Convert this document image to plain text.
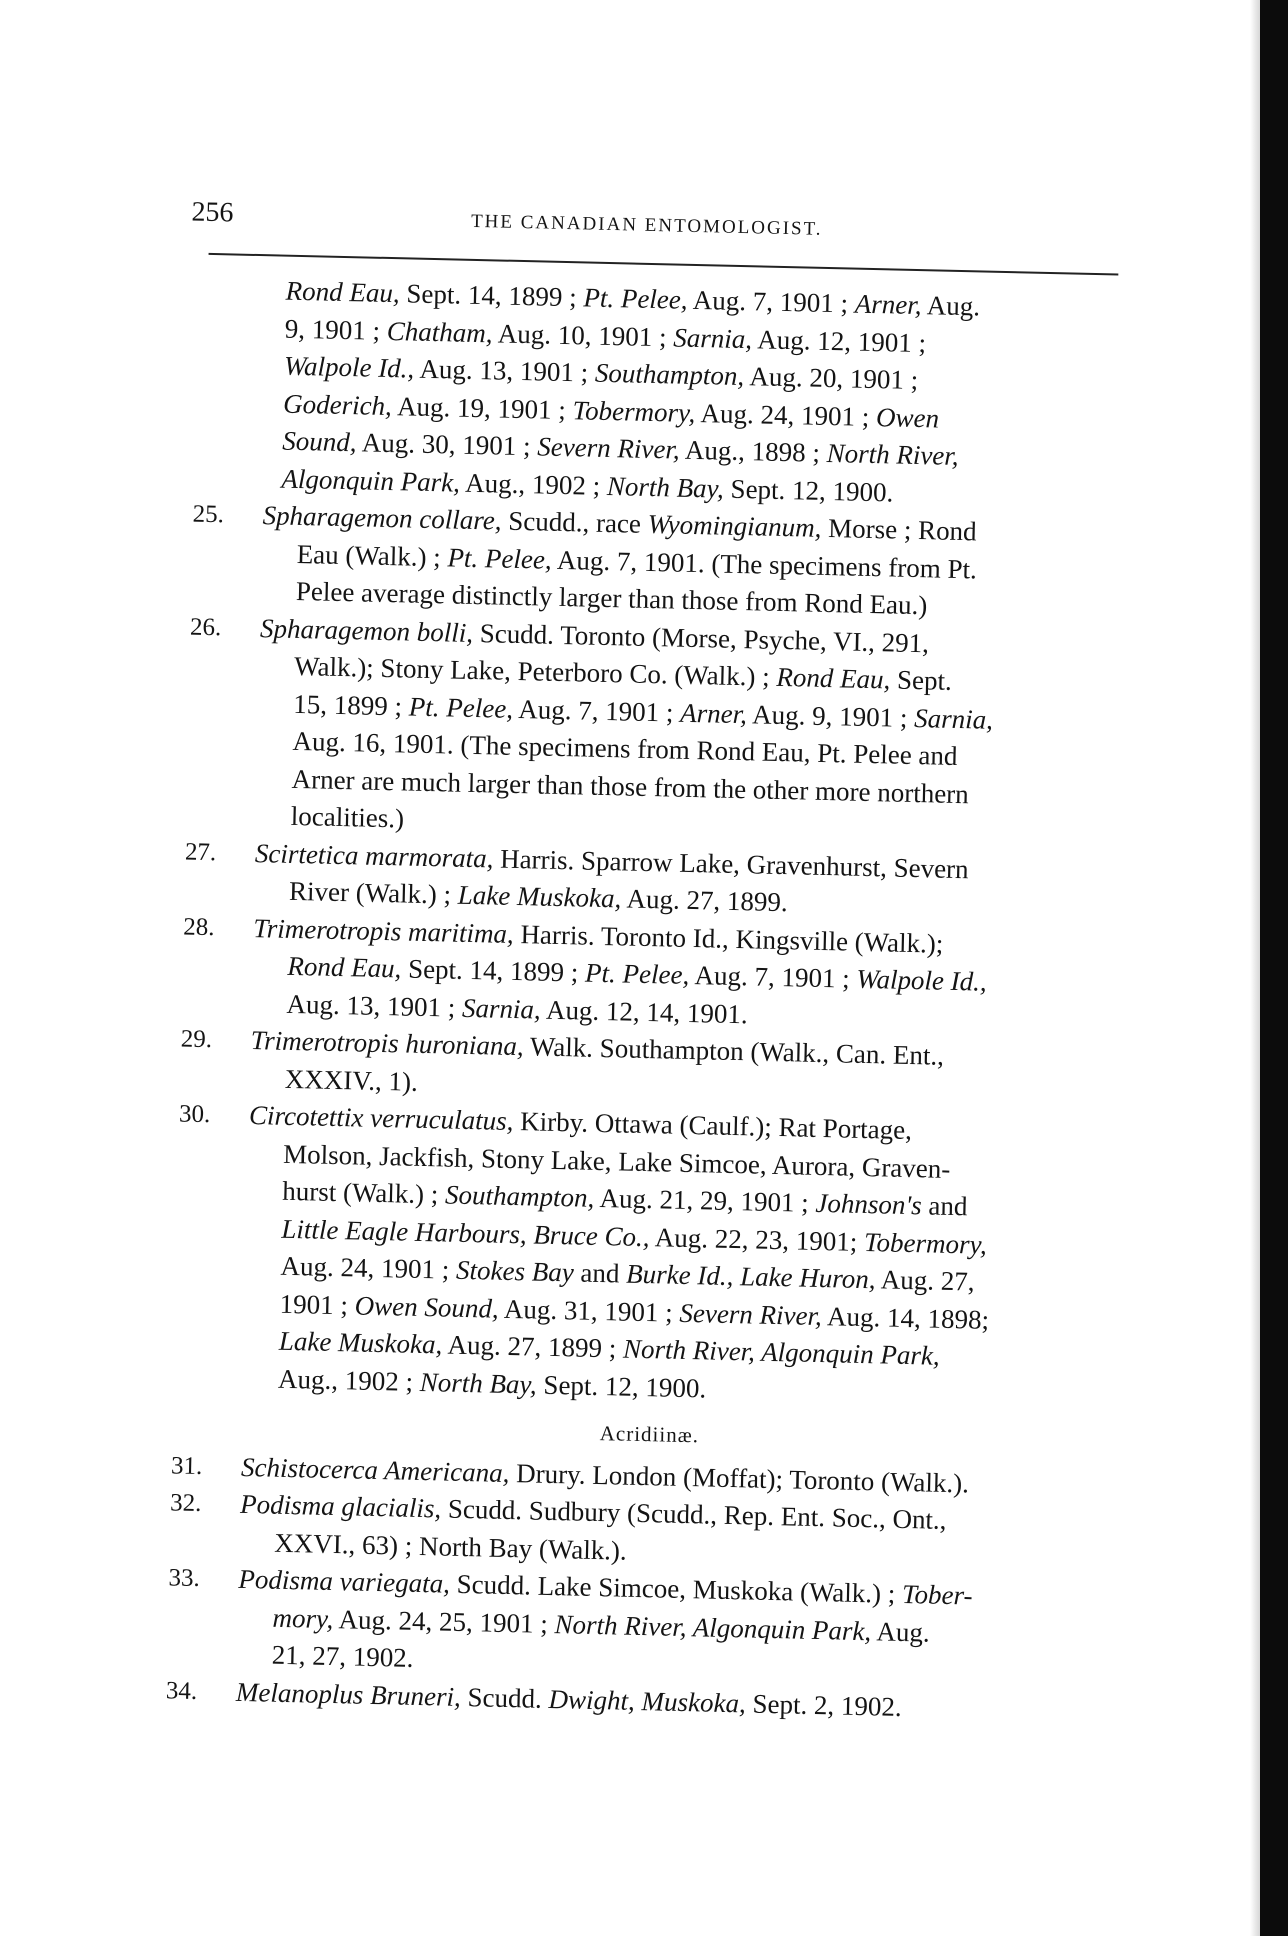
256	THE CANADIAN ENTOMOLOGIST.
Rond Eau, Sept. 14, 1899 ; Pt. Pelee, Aug. 7, 1901 ; Arner, Aug.
9, 1901 ; Chatham, Aug. 10, 1901 ; Sarnia, Aug. 12, 1901 ;
Walpole Id., Aug. 13, 1901 ; Southampton, Aug. 20, 1901 ;
Goderich, Aug. 19, 1901 ; Tobermory, Aug. 24, 1901 ; Owen
Sound, Aug. 30, 1901 ; Severn River, Aug., 1898 ; North River,
Algonquin Park, Aug., 1902 ; North Bay, Sept. 12, 1900.
25. Spharagemon collare, Scudd., race Wyomingianum, Morse ; Rond
Eau (Walk.) ; Pt. Pelee, Aug. 7, 1901. (The specimens from Pt.
Pelee average distinctly larger than those from Rond Eau.)
26. Spharagemon bolli, Scudd. Toronto (Morse, Psyche, VI., 291,
Walk.); Stony Lake, Peterboro Co. (Walk.) ; Rond Eau, Sept.
15, 1899 ; Pt. Pelee, Aug. 7, 1901 ; Arner, Aug. 9, 1901 ; Sarnia,
Aug. 16, 1901. (The specimens from Rond Eau, Pt. Pelee and
Arner are much larger than those from the other more northern
localities.)
27. Scirtetica marmorata, Harris. Sparrow Lake, Gravenhurst, Severn
River (Walk.) ; Lake Muskoka, Aug. 27, 1899.
28. Trimerotropis maritima, Harris. Toronto Id., Kingsville (Walk.);
Rond Eau, Sept. 14, 1899 ; Pt. Pelee, Aug. 7, 1901 ; Walpole Id.,
Aug. 13, 1901 ; Sarnia, Aug. 12, 14, 1901.
29. Trimerotropis huroniana, Walk. Southampton (Walk., Can. Ent.,
XXXIV., 1).
30. Circotettix verruculatus, Kirby. Ottawa (Caulf.); Rat Portage,
Molson, Jackfish, Stony Lake, Lake Simcoe, Aurora, Graven-
hurst (Walk.) ; Southampton, Aug. 21, 29, 1901 ; Johnson's and
Little Eagle Harbours, Bruce Co., Aug. 22, 23, 1901; Tobermory,
Aug. 24, 1901 ; Stokes Bay and Burke Id., Lake Huron, Aug. 27,
1901 ; Owen Sound, Aug. 31, 1901 ; Severn River, Aug. 14, 1898;
Lake Muskoka, Aug. 27, 1899 ; North River, Algonquin Park,
Aug., 1902 ; North Bay, Sept. 12, 1900.
Acridiinæ.
31. Schistocerca Americana, Drury. London (Moffat); Toronto (Walk.).
32. Podisma glacialis, Scudd. Sudbury (Scudd., Rep. Ent. Soc., Ont.,
XXVI., 63) ; North Bay (Walk.).
33. Podisma variegata, Scudd. Lake Simcoe, Muskoka (Walk.) ; Tober-
mory, Aug. 24, 25, 1901 ; North River, Algonquin Park, Aug.
21, 27, 1902.
34. Melanoplus Bruneri, Scudd. Dwight, Muskoka, Sept. 2, 1902.
